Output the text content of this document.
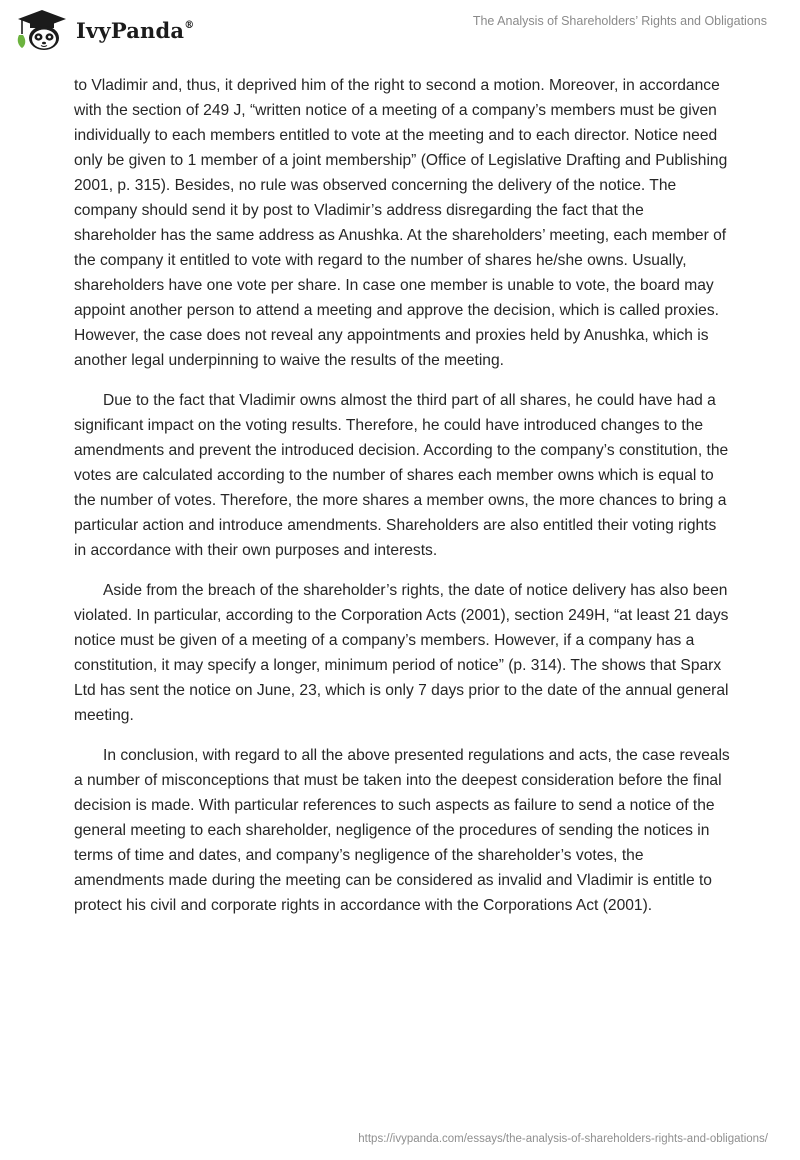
IvyPanda®	The Analysis of Shareholders’ Rights and Obligations

to Vladimir and, thus, it deprived him of the right to second a motion. Moreover, in accordance with the section of 249 J, “written notice of a meeting of a company’s members must be given individually to each members entitled to vote at the meeting and to each director. Notice need only be given to 1 member of a joint membership” (Office of Legislative Drafting and Publishing 2001, p. 315). Besides, no rule was observed concerning the delivery of the notice. The company should send it by post to Vladimir’s address disregarding the fact that the shareholder has the same address as Anushka. At the shareholders’ meeting, each member of the company it entitled to vote with regard to the number of shares he/she owns. Usually, shareholders have one vote per share. In case one member is unable to vote, the board may appoint another person to attend a meeting and approve the decision, which is called proxies. However, the case does not reveal any appointments and proxies held by Anushka, which is another legal underpinning to waive the results of the meeting.

Due to the fact that Vladimir owns almost the third part of all shares, he could have had a significant impact on the voting results. Therefore, he could have introduced changes to the amendments and prevent the introduced decision. According to the company’s constitution, the votes are calculated according to the number of shares each member owns which is equal to the number of votes. Therefore, the more shares a member owns, the more chances to bring a particular action and introduce amendments. Shareholders are also entitled their voting rights in accordance with their own purposes and interests.

Aside from the breach of the shareholder’s rights, the date of notice delivery has also been violated. In particular, according to the Corporation Acts (2001), section 249H, “at least 21 days notice must be given of a meeting of a company’s members. However, if a company has a constitution, it may specify a longer, minimum period of notice” (p. 314). The shows that Sparx Ltd has sent the notice on June, 23, which is only 7 days prior to the date of the annual general meeting.

In conclusion, with regard to all the above presented regulations and acts, the case reveals a number of misconceptions that must be taken into the deepest consideration before the final decision is made. With particular references to such aspects as failure to send a notice of the general meeting to each shareholder, negligence of the procedures of sending the notices in terms of time and dates, and company’s negligence of the shareholder’s votes, the amendments made during the meeting can be considered as invalid and Vladimir is entitle to protect his civil and corporate rights in accordance with the Corporations Act (2001).

https://ivypanda.com/essays/the-analysis-of-shareholders-rights-and-obligations/
